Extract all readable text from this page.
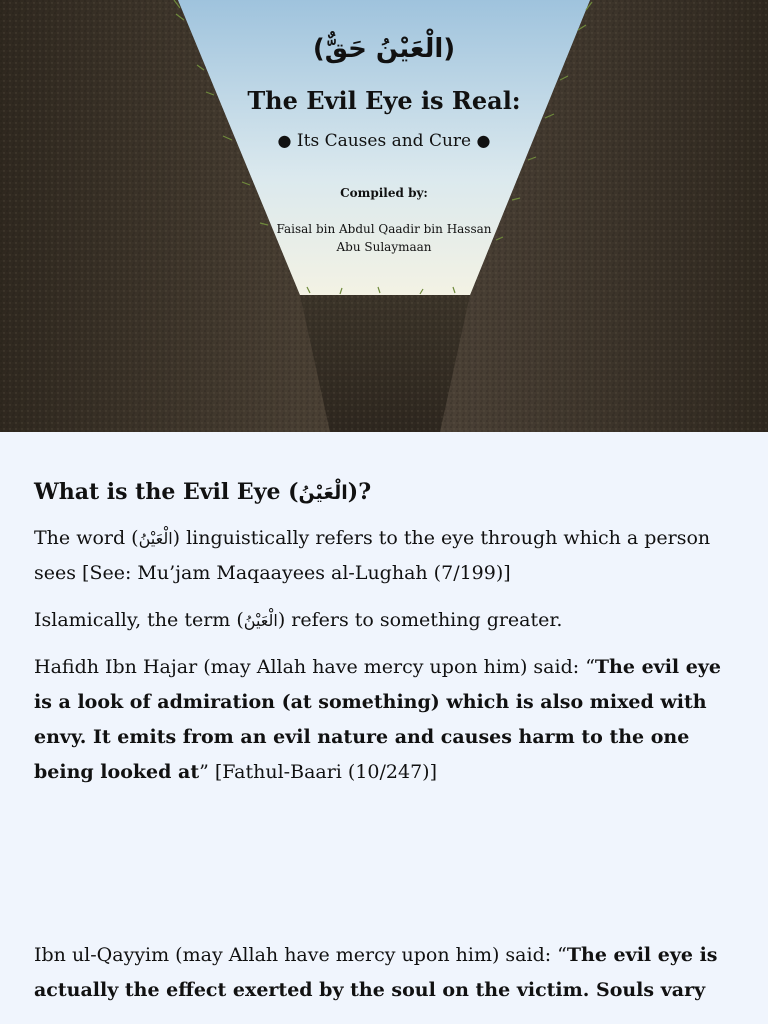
(الْعَيْنُ حَقٌّ)
The Evil Eye is Real:
● Its Causes and Cure ●
Compiled by:
Faisal bin Abdul Qaadir bin Hassan
Abu Sulaymaan
What is the Evil Eye (الْعَيْنُ)?

The word (الْعَيْنُ) linguistically refers to the eye through which a person sees [See: Mu’jam Maqaayees al-Lughah (7/199)]

Islamically, the term (الْعَيْنُ) refers to something greater.

Hafidh Ibn Hajar (may Allah have mercy upon him) said: “The evil eye is a look of admiration (at something) which is also mixed with envy. It emits from an evil nature and causes harm to the one being looked at” [Fathul-Baari (10/247)]

Ibn ul-Qayyim (may Allah have mercy upon him) said: “The evil eye is actually the effect exerted by the soul on the victim. Souls vary
